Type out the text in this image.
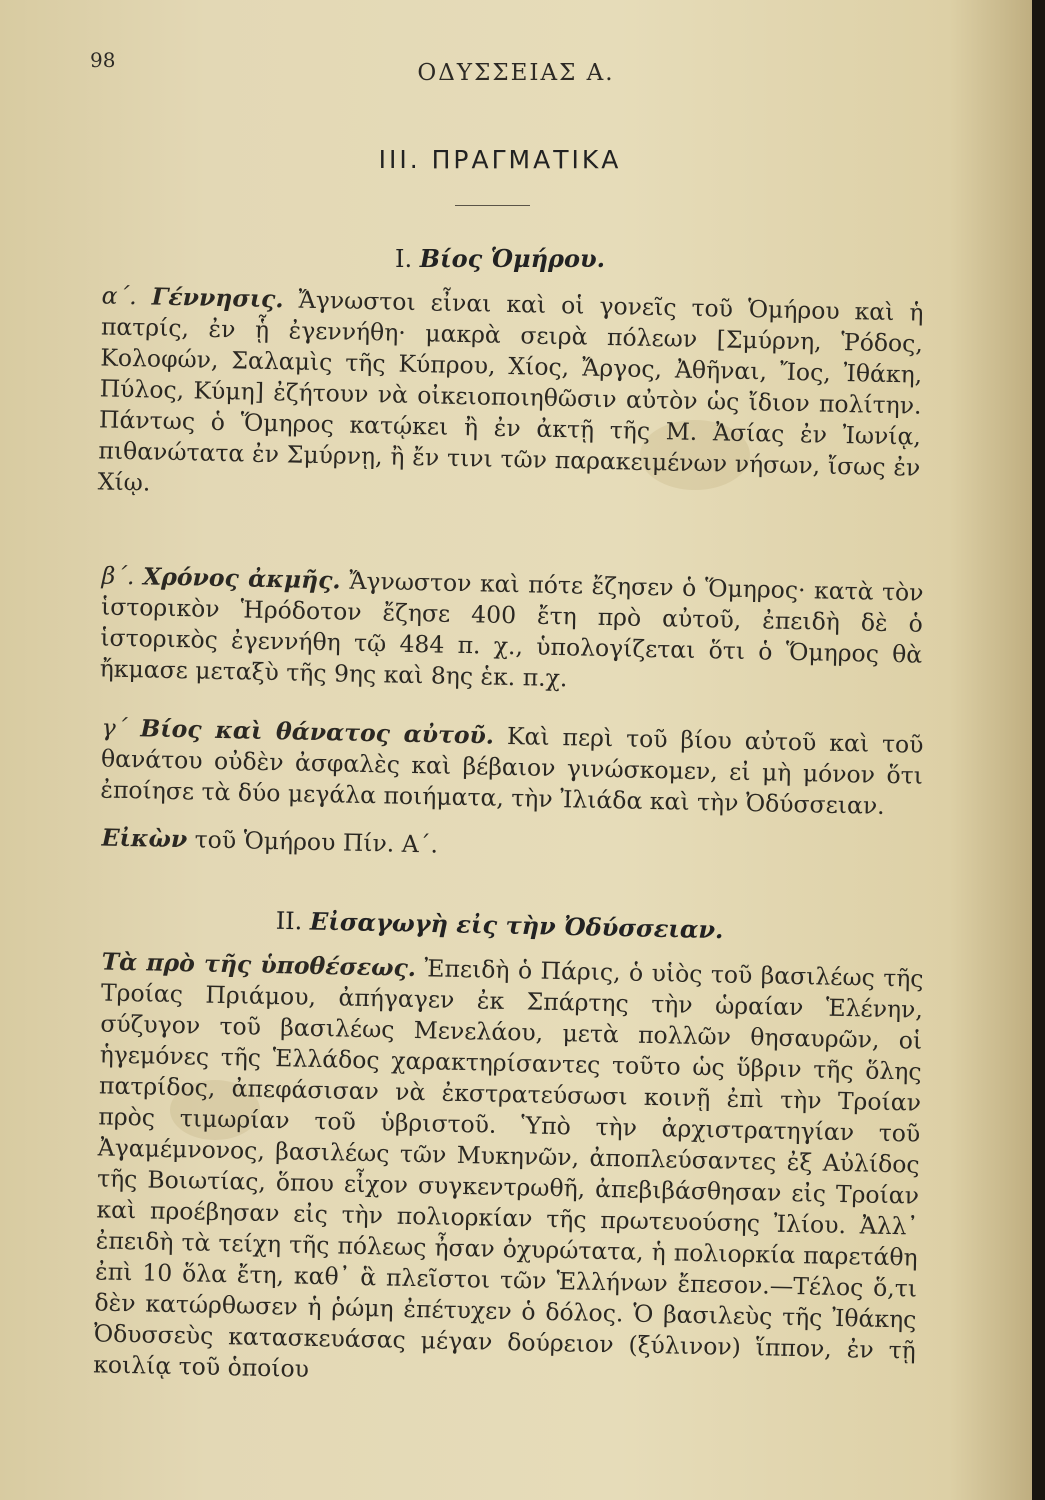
98	ΟΔΥΣΣΕΙΑΣ Α.
III. ΠΡΑΓΜΑΤΙΚΑ
I. Βίος Ὁμήρου.
α΄. Γέννησις. Ἄγνωστοι εἶναι καὶ οἱ γονεῖς τοῦ Ὁμήρου καὶ ἡ πατρίς, ἐν ᾗ ἐγεννήθη· μακρὰ σειρὰ πόλεων [Σμύρνη, Ῥόδος, Κολοφών, Σαλαμὶς τῆς Κύπρου, Χίος, Ἄργος, Ἀθῆναι, Ἴος, Ἰθάκη, Πύλος, Κύμη] ἐζήτουν νὰ οἰκειοποιηθῶσιν αὐτὸν ὡς ἴδιον πολίτην. Πάντως ὁ Ὅμηρος κατῴκει ἢ ἐν ἀκτῇ τῆς Μ. Ἀσίας ἐν Ἰωνίᾳ, πιθανώτατα ἐν Σμύρνῃ, ἢ ἔν τινι τῶν παρακειμένων νήσων, ἴσως ἐν Χίῳ.
β΄. Χρόνος ἀκμῆς. Ἄγνωστον καὶ πότε ἔζησεν ὁ Ὅμηρος· κατὰ τὸν ἱστορικὸν Ἡρόδοτον ἔζησε 400 ἔτη πρὸ αὐτοῦ, ἐπειδὴ δὲ ὁ ἱστορικὸς ἐγεννήθη τῷ 484 π. χ., ὑπολογίζεται ὅτι ὁ Ὅμηρος θὰ ἤκμασε μεταξὺ τῆς 9ης καὶ 8ης ἑκ. π.χ.
γ΄ Βίος καὶ θάνατος αὐτοῦ. Καὶ περὶ τοῦ βίου αὐτοῦ καὶ τοῦ θανάτου οὐδὲν ἀσφαλὲς καὶ βέβαιον γινώσκομεν, εἰ μὴ μόνον ὅτι ἐποίησε τὰ δύο μεγάλα ποιήματα, τὴν Ἰλιάδα καὶ τὴν Ὀδύσσειαν.
Εἰκὼν τοῦ Ὁμήρου Πίν. Α΄.
II. Εἰσαγωγὴ εἰς τὴν Ὀδύσσειαν.
Τὰ πρὸ τῆς ὑποθέσεως. Ἐπειδὴ ὁ Πάρις, ὁ υἱὸς τοῦ βασιλέως τῆς Τροίας Πριάμου, ἀπήγαγεν ἐκ Σπάρτης τὴν ὡραίαν Ἑλένην, σύζυγον τοῦ βασιλέως Μενελάου, μετὰ πολλῶν θησαυρῶν, οἱ ἡγεμόνες τῆς Ἑλλάδος χαρακτηρίσαντες τοῦτο ὡς ὕβριν τῆς ὅλης πατρίδος, ἀπεφάσισαν νὰ ἐκστρατεύσωσι κοινῇ ἐπὶ τὴν Τροίαν πρὸς τιμωρίαν τοῦ ὑβριστοῦ. Ὑπὸ τὴν ἀρχιστρατηγίαν τοῦ Ἀγαμέμνονος, βασιλέως τῶν Μυκηνῶν, ἀποπλεύσαντες ἐξ Αὐλίδος τῆς Βοιωτίας, ὅπου εἶχον συγκεντρωθῆ, ἀπεβιβάσθησαν εἰς Τροίαν καὶ προέβησαν εἰς τὴν πολιορκίαν τῆς πρωτευούσης Ἰλίου. Ἀλλ᾽ ἐπειδὴ τὰ τείχη τῆς πόλεως ἦσαν ὀχυρώτατα, ἡ πολιορκία παρετάθη ἐπὶ 10 ὅλα ἔτη, καθ᾽ ἃ πλεῖστοι τῶν Ἑλλήνων ἔπεσον.—Τέλος ὅ,τι δὲν κατώρθωσεν ἡ ῥώμη ἐπέτυχεν ὁ δόλος. Ὁ βασιλεὺς τῆς Ἰθάκης Ὀδυσσεὺς κατασκευάσας μέγαν δούρειον (ξύλινον) ἵππον, ἐν τῇ κοιλίᾳ τοῦ ὁποίου
